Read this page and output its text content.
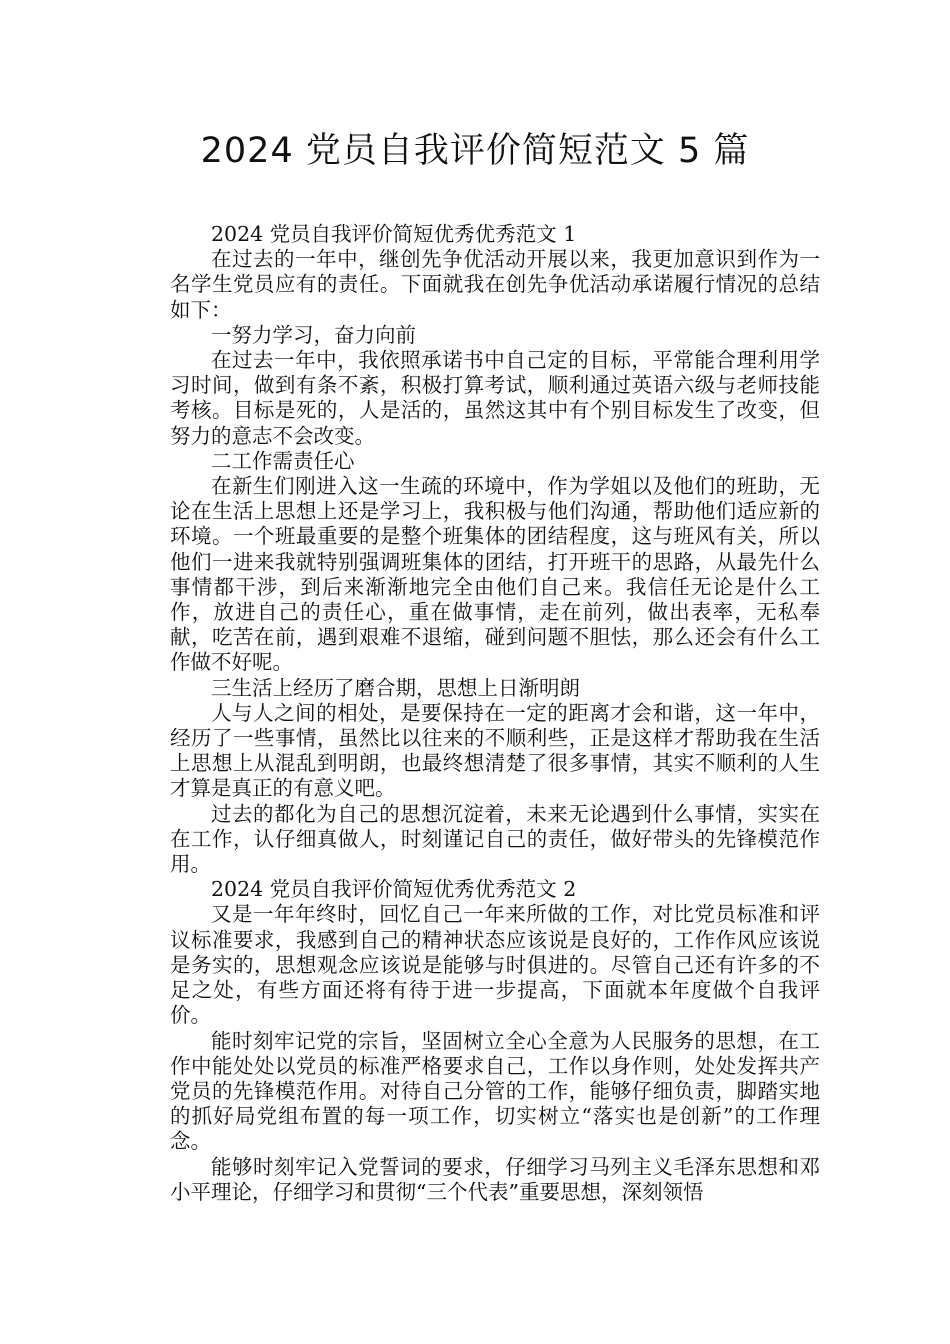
2024 党员自我评价简短范文 5 篇

2024 党员自我评价简短优秀优秀范文 1

在过去的一年中，继创先争优活动开展以来，我更加意识到作为一名学生党员应有的责任。下面就我在创先争优活动承诺履行情况的总结如下：

一努力学习，奋力向前

在过去一年中，我依照承诺书中自己定的目标，平常能合理利用学习时间，做到有条不紊，积极打算考试，顺利通过英语六级与老师技能考核。目标是死的，人是活的，虽然这其中有个别目标发生了改变，但努力的意志不会改变。

二工作需责任心

在新生们刚进入这一生疏的环境中，作为学姐以及他们的班助，无论在生活上思想上还是学习上，我积极与他们沟通，帮助他们适应新的环境。一个班最重要的是整个班集体的团结程度，这与班风有关，所以他们一进来我就特别强调班集体的团结，打开班干的思路，从最先什么事情都干涉，到后来渐渐地完全由他们自己来。我信任无论是什么工作，放进自己的责任心，重在做事情，走在前列，做出表率，无私奉献，吃苦在前，遇到艰难不退缩，碰到问题不胆怯，那么还会有什么工作做不好呢。

三生活上经历了磨合期，思想上日渐明朗

人与人之间的相处，是要保持在一定的距离才会和谐，这一年中，经历了一些事情，虽然比以往来的不顺利些，正是这样才帮助我在生活上思想上从混乱到明朗，也最终想清楚了很多事情，其实不顺利的人生才算是真正的有意义吧。

过去的都化为自己的思想沉淀着，未来无论遇到什么事情，实实在在工作，认仔细真做人，时刻谨记自己的责任，做好带头的先锋模范作用。

2024 党员自我评价简短优秀优秀范文 2

又是一年年终时，回忆自己一年来所做的工作，对比党员标准和评议标准要求，我感到自己的精神状态应该说是良好的，工作作风应该说是务实的，思想观念应该说是能够与时俱进的。尽管自己还有许多的不足之处，有些方面还将有待于进一步提高，下面就本年度做个自我评价。

能时刻牢记党的宗旨，坚固树立全心全意为人民服务的思想，在工作中能处处以党员的标准严格要求自己，工作以身作则，处处发挥共产党员的先锋模范作用。对待自己分管的工作，能够仔细负责，脚踏实地的抓好局党组布置的每一项工作，切实树立“落实也是创新”的工作理念。

能够时刻牢记入党誓词的要求，仔细学习马列主义毛泽东思想和邓小平理论，仔细学习和贯彻“三个代表”重要思想，深刻领悟
